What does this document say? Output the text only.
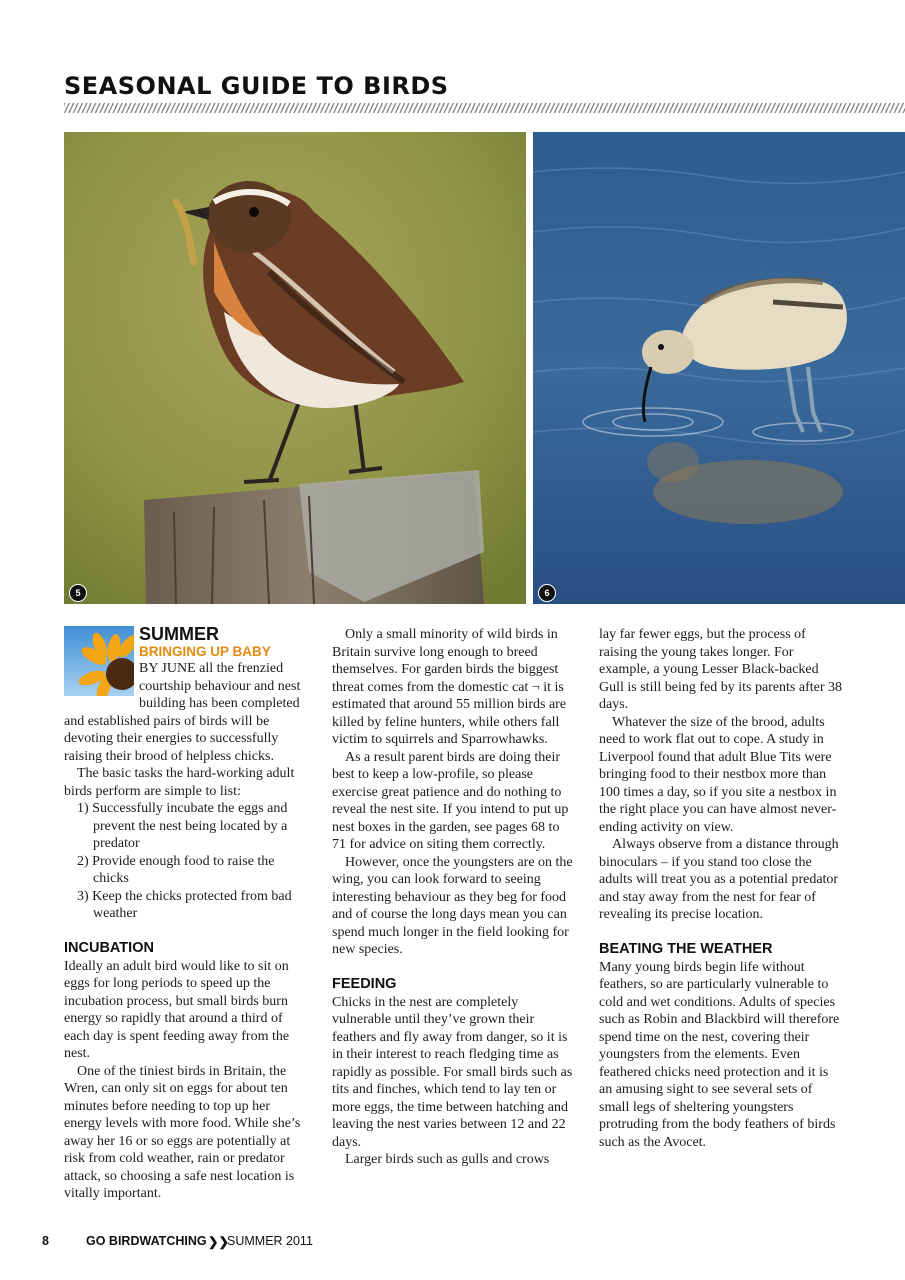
SEASONAL GUIDE TO BIRDS
5	6
SUMMER
BRINGING UP BABY

BY JUNE all the frenzied courtship behaviour and nest building has been completed and established pairs of birds will be devoting their energies to successfully raising their brood of helpless chicks.

The basic tasks the hard-working adult birds perform are simple to list:

1) Successfully incubate the eggs and prevent the nest being located by a predator
2) Provide enough food to raise the chicks
3) Keep the chicks protected from bad weather

INCUBATION

Ideally an adult bird would like to sit on eggs for long periods to speed up the incubation process, but small birds burn energy so rapidly that around a third of each day is spent feeding away from the nest.

One of the tiniest birds in Britain, the Wren, can only sit on eggs for about ten minutes before needing to top up her energy levels with more food. While she’s away her 16 or so eggs are potentially at risk from cold weather, rain or predator attack, so choosing a safe nest location is vitally important.

Only a small minority of wild birds in Britain survive long enough to breed themselves. For garden birds the biggest threat comes from the domestic cat ¬ it is estimated that around 55 million birds are killed by feline hunters, while others fall victim to squirrels and Sparrowhawks.

As a result parent birds are doing their best to keep a low-profile, so please exercise great patience and do nothing to reveal the nest site. If you intend to put up nest boxes in the garden, see pages 68 to 71 for advice on siting them correctly.

However, once the youngsters are on the wing, you can look forward to seeing interesting behaviour as they beg for food and of course the long days mean you can spend much longer in the field looking for new species.

FEEDING

Chicks in the nest are completely vulnerable until they’ve grown their feathers and fly away from danger, so it is in their interest to reach fledging time as rapidly as possible. For small birds such as tits and finches, which tend to lay ten or more eggs, the time between hatching and leaving the nest varies between 12 and 22 days.

Larger birds such as gulls and crows

lay far fewer eggs, but the process of raising the young takes longer. For example, a young Lesser Black-backed Gull is still being fed by its parents after 38 days.

Whatever the size of the brood, adults need to work flat out to cope. A study in Liverpool found that adult Blue Tits were bringing food to their nestbox more than 100 times a day, so if you site a nestbox in the right place you can have almost never-ending activity on view.

Always observe from a distance through binoculars – if you stand too close the adults will treat you as a potential predator and stay away from the nest for fear of revealing its precise location.

BEATING THE WEATHER

Many young birds begin life without feathers, so are particularly vulnerable to cold and wet conditions. Adults of species such as Robin and Blackbird will therefore spend time on the nest, covering their youngsters from the elements. Even feathered chicks need protection and it is an amusing sight to see several sets of small legs of sheltering youngsters protruding from the body feathers of birds such as the Avocet.

8	GO BIRDWATCHING ❯❯
SUMMER 2011
